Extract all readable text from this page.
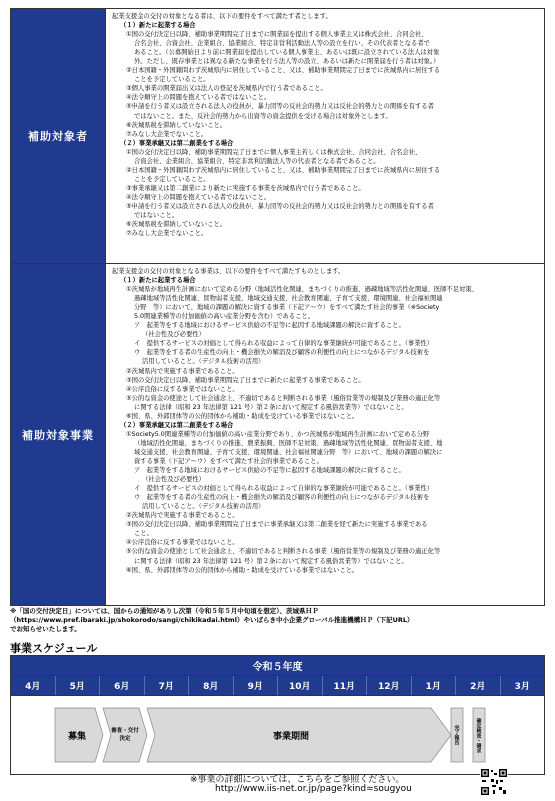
補助対象者

起業支援金の交付の対象となる者は、以下の要件をすべて満たす者とします。

（１）新たに起業する場合

①国の交付決定日以降、補助事業期間完了日までに開業届を提出する個人事業主又は株式会社、合同会社、

合名会社、合資会社、企業組合、協業組合、特定非営利活動法人等の設立を行い、その代表者となる者で

あること。（公募開始日より前に開業届を提出している個人事業主、あるいは既に設立されている法人は対象

外。ただし、既存事業とは異なる新たな事業を行う法人等の設立、あるいは新たに開業届を行う者は対象。）

②日本国籍・外国籍問わず茨城県内に居住していること、又は、補助事業期間完了日までに茨城県内に居住する

ことを予定していること。

③個人事業の開業届出又は法人の登記を茨城県内で行う者であること。

④法令順守上の問題を抱えている者ではないこと。

⑤申請を行う者又は設立される法人の役員が、暴力団等の反社会的勢力又は反社会的勢力との関係を有する者

ではないこと。また、反社会的勢力から出資等の資金提供を受ける場合は対象外とします。

⑥茨城県税を滞納していないこと。

⑦みなし大企業でないこと。

（２）事業承継又は第二創業をする場合

①国の交付決定日以降、補助事業期間完了日までに個人事業主若しくは株式会社、合同会社、合名会社、

合資会社、企業組合、協業組合、特定非営利活動法人等の代表者となる者であること。

②日本国籍・外国籍問わず茨城県内に居住していること、又は、補助事業期間完了日までに茨城県内に居住する

ことを予定していること。

③事業承継又は第二創業により新たに実施する事業を茨城県内で行う者であること。

④法令順守上の問題を抱えている者ではないこと。

⑤申請を行う者又は設立される法人の役員が、暴力団等の反社会的勢力又は反社会的勢力との関係を有する者

ではないこと。

⑥茨城県税を滞納していないこと。

⑦みなし大企業でないこと。

補助対象事業

起業支援金の交付の対象となる事業は、以下の要件をすべて満たすものとします。

（１）新たに起業する場合

①茨城県が地域再生計画において定める分野（地域活性化関連、まちづくりの推進、過疎地域等活性化関連、医師不足対策、

過疎地域等活性化関連、買物弱者支援、地域交通支援、社会教育関連、子育て支援、環境関連、社会福祉関連

分野　等）において、地域の課題の解決に資する事業（下記ア～ウ）をすべて満たす社会的事業（※Society

5.0関連業種等の付加価値の高い産業分野を含む）であること。

ア　起業等をする地域におけるサービス供給の不足等に起因する地域課題の解決に資すること。

（社会性及び必要性）

イ　提供するサービスの対価として得られる収益によって自律的な事業継続が可能であること。（事業性）

ウ　起業等をする者の生産性の向上・機会損失の解消及び顧客の利便性の向上につながるデジタル技術を

活用していること。（デジタル技術の活用）

②茨城県内で実施する事業であること。

③国の交付決定日以降、補助事業期間完了日までに新たに起業する事業であること。

④公序良俗に反する事業ではないこと。

⑤公的な資金の使途として社会通念上、不適切であると判断される事業（風俗営業等の規制及び業務の適正化等

に関する法律（昭和 23 年法律第 121 号）第２条において規定する風俗営業等）ではないこと。

⑥国、県、外郭団体等の公的団体から補助・助成を受けている事業ではないこと。

（２）事業承継又は第二創業をする場合

①Society5.0関連業種等の付加価値の高い産業分野であり、かつ茨城県が地域再生計画において定める分野

（地域活性化関連、まちづくりの推進、農業振興、医師不足対策、過疎地域等活性化関連、買物弱者支援、地

域交通支援、社会教育関連、子育て支援、環境関連、社会福祉関連分野　等）において、地域の課題の解決に

資する事業（下記ア～ウ）をすべて満たす社会的事業であること。

ア　起業等をする地域におけるサービス供給の不足等に起因する地域課題の解決に資すること。

（社会性及び必要性）

イ　提供するサービスの対価として得られる収益によって自律的な事業継続が可能であること。（事業性）

ウ　起業等をする者の生産性の向上・機会損失の解消及び顧客の利便性の向上につながるデジタル技術を

活用していること。（デジタル技術の活用）

②茨城県内で実施する事業であること。

③国の交付決定日以降、補助事業期間完了日までに事業承継又は第二創業を経て新たに実施する事業である

こと。

④公序良俗に反する事業ではないこと。

⑤公的な資金の使途として社会通念上、不適切であると判断される事業（風俗営業等の規制及び業務の適正化等

に関する法律（昭和 23 年法律第 121 号）第２条において規定する風俗営業等）ではないこと。

⑥国、県、外郭団体等の公的団体から補助・助成を受けている事業ではないこと。

※「国の交付決定日」については、国からの通知がありし次第（令和５年５月中旬頃を想定）、茨城県ＨＰ

（https://www.pref.ibaraki.jp/shokorodo/sangi/chikikadai.html）やいばらき中小企業グローバル推進機構ＨＰ（下記URL）

でお知らせいたします。

事業スケジュール
令和５年度
4月	5月	6月	7月	8月	9月	10月	11月	12月	1月	2月	3月
募集
審査・交付決定	事業期間	完了報告	確定検査・請求
※事業の詳細については、こちらをご参照ください。
http://www.iis-net.or.jp/page?kind=sougyou
